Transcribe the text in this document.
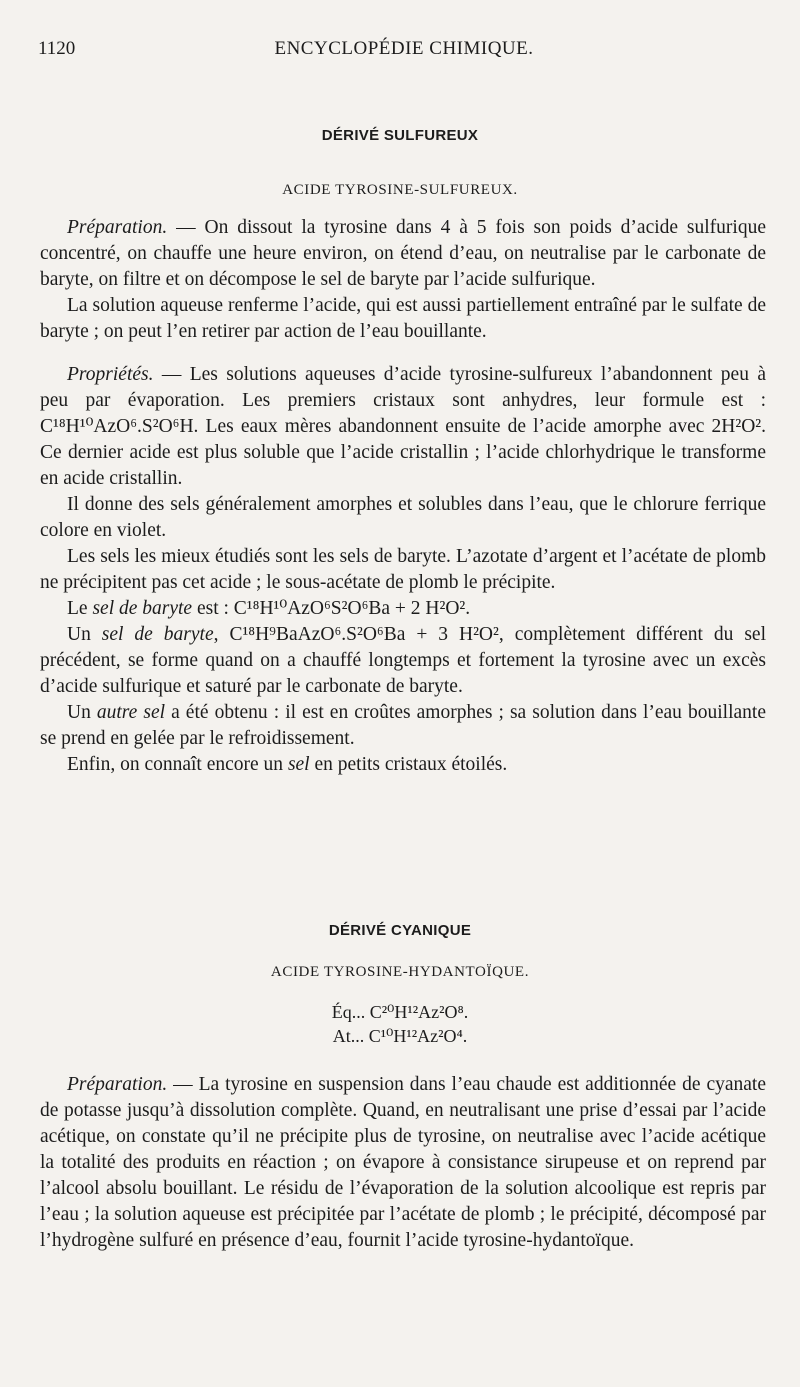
1120	ENCYCLOPÉDIE CHIMIQUE.
DÉRIVÉ SULFUREUX
ACIDE TYROSINE-SULFUREUX.

Préparation. — On dissout la tyrosine dans 4 à 5 fois son poids d’acide sulfurique concentré, on chauffe une heure environ, on étend d’eau, on neutralise par le carbonate de baryte, on filtre et on décompose le sel de baryte par l’acide sulfurique.

La solution aqueuse renferme l’acide, qui est aussi partiellement entraîné par le sulfate de baryte ; on peut l’en retirer par action de l’eau bouillante.

Propriétés. — Les solutions aqueuses d’acide tyrosine-sulfureux l’abandonnent peu à peu par évaporation. Les premiers cristaux sont anhydres, leur formule est : C¹⁸H¹⁰AzO⁶.S²O⁶H. Les eaux mères abandonnent ensuite de l’acide amorphe avec 2H²O². Ce dernier acide est plus soluble que l’acide cristallin ; l’acide chlorhydrique le transforme en acide cristallin.

Il donne des sels généralement amorphes et solubles dans l’eau, que le chlorure ferrique colore en violet.

Les sels les mieux étudiés sont les sels de baryte. L’azotate d’argent et l’acétate de plomb ne précipitent pas cet acide ; le sous-acétate de plomb le précipite.

Le sel de baryte est : C¹⁸H¹⁰AzO⁶S²O⁶Ba + 2 H²O².

Un sel de baryte, C¹⁸H⁹BaAzO⁶.S²O⁶Ba + 3 H²O², complètement différent du sel précédent, se forme quand on a chauffé longtemps et fortement la tyrosine avec un excès d’acide sulfurique et saturé par le carbonate de baryte.

Un autre sel a été obtenu : il est en croûtes amorphes ; sa solution dans l’eau bouillante se prend en gelée par le refroidissement.

Enfin, on connaît encore un sel en petits cristaux étoilés.

DÉRIVÉ CYANIQUE
ACIDE TYROSINE-HYDANTOÏQUE.
Éq... C²⁰H¹²Az²O⁸.
At... C¹⁰H¹²Az²O⁴.

Préparation. — La tyrosine en suspension dans l’eau chaude est additionnée de cyanate de potasse jusqu’à dissolution complète. Quand, en neutralisant une prise d’essai par l’acide acétique, on constate qu’il ne précipite plus de tyrosine, on neutralise avec l’acide acétique la totalité des produits en réaction ; on évapore à consistance sirupeuse et on reprend par l’alcool absolu bouillant. Le résidu de l’évaporation de la solution alcoolique est repris par l’eau ; la solution aqueuse est précipitée par l’acétate de plomb ; le précipité, décomposé par l’hydrogène sulfuré en présence d’eau, fournit l’acide tyrosine-hydantoïque.
